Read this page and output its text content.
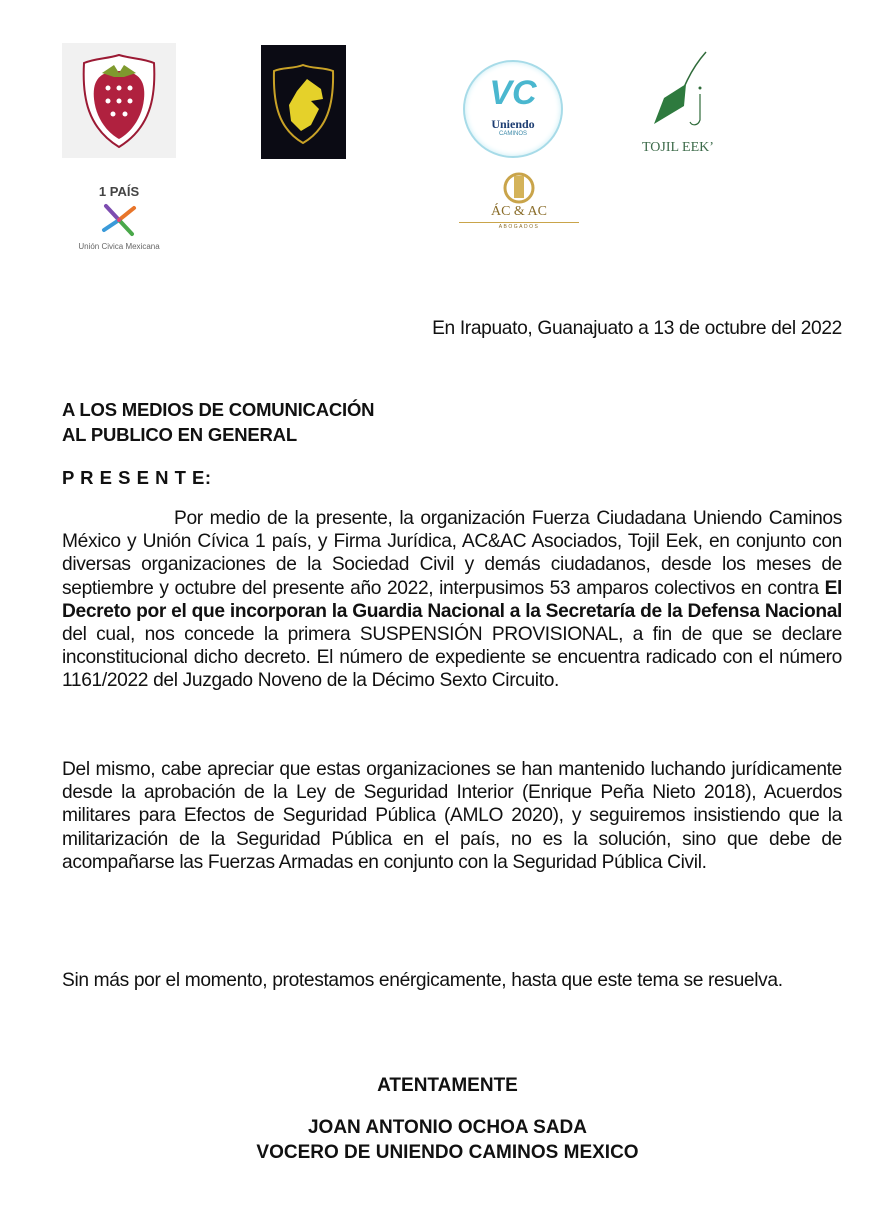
VC
Uniendo
CAMINOS
TOJIL EEK’
1 PAÍS
Unión Civica Mexicana
ÁC & AC
ABOGADOS
En Irapuato, Guanajuato a 13 de octubre del 2022
A LOS MEDIOS DE COMUNICACIÓN
AL PUBLICO EN GENERAL
P R E S E N T E:
Por medio de la presente, la organización Fuerza Ciudadana Uniendo Caminos México y Unión Cívica 1 país, y Firma Jurídica, AC&AC Asociados, Tojil Eek, en conjunto con diversas organizaciones de la Sociedad Civil y demás ciudadanos, desde los meses de septiembre y octubre del presente año 2022, interpusimos 53 amparos colectivos en contra El Decreto por el que incorporan la Guardia Nacional a la Secretaría de la Defensa Nacional del cual, nos concede la primera SUSPENSIÓN PROVISIONAL, a fin de que se declare inconstitucional dicho decreto. El número de expediente se encuentra radicado con el número 1161/2022 del Juzgado Noveno de la Décimo Sexto Circuito.
Del mismo, cabe apreciar que estas organizaciones se han mantenido luchando jurídicamente desde la aprobación de la Ley de Seguridad Interior (Enrique Peña Nieto 2018), Acuerdos militares para Efectos de Seguridad Pública (AMLO 2020), y seguiremos insistiendo que la militarización de la Seguridad Pública en el país, no es la solución, sino que debe de acompañarse las Fuerzas Armadas en conjunto con la Seguridad Pública Civil.
Sin más por el momento, protestamos enérgicamente, hasta que este tema se resuelva.
ATENTAMENTE
JOAN ANTONIO OCHOA SADA
VOCERO DE UNIENDO CAMINOS MEXICO
